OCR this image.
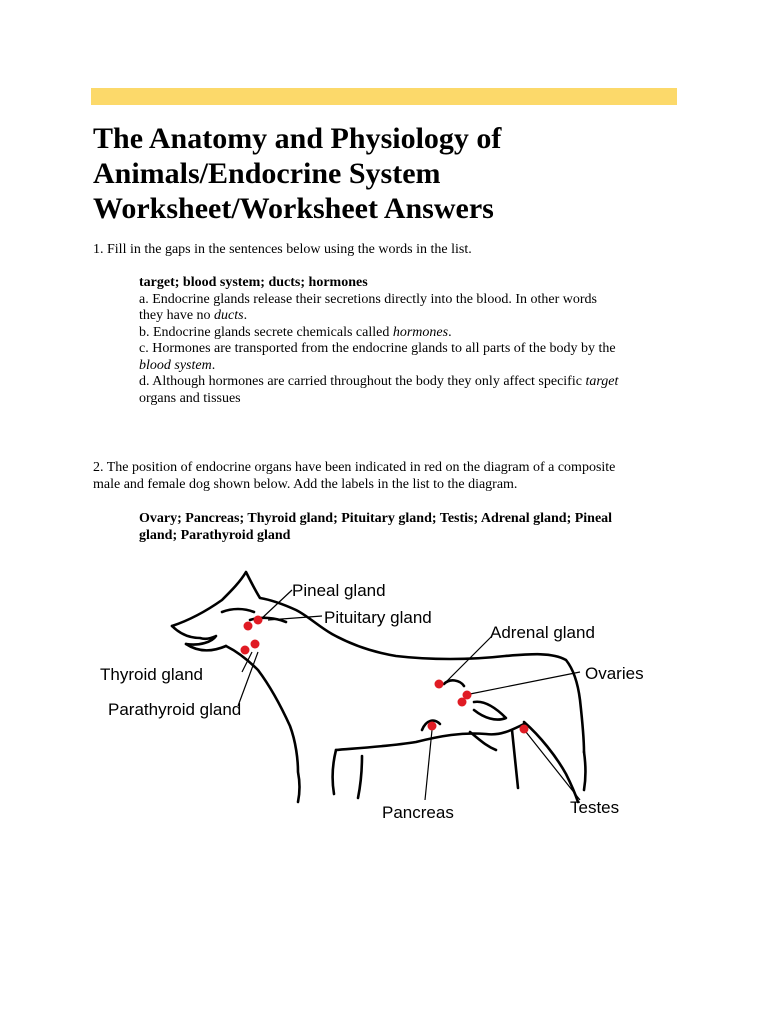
The Anatomy and Physiology of
Animals/Endocrine System
Worksheet/Worksheet Answers
1. Fill in the gaps in the sentences below using the words in the list.
target; blood system; ducts; hormones
a. Endocrine glands release their secretions directly into the blood. In other words
they have no ducts.
b. Endocrine glands secrete chemicals called hormones.
c. Hormones are transported from the endocrine glands to all parts of the body by the
blood system.
d. Although hormones are carried throughout the body they only affect specific target
organs and tissues
2. The position of endocrine organs have been indicated in red on the diagram of a composite
male and female dog shown below. Add the labels in the list to the diagram.
Ovary; Pancreas; Thyroid gland; Pituitary gland; Testis; Adrenal gland; Pineal
gland; Parathyroid gland
Pineal gland
Pituitary gland
Adrenal gland
Thyroid gland	Ovaries
Parathyroid gland
Pancreas	Testes
